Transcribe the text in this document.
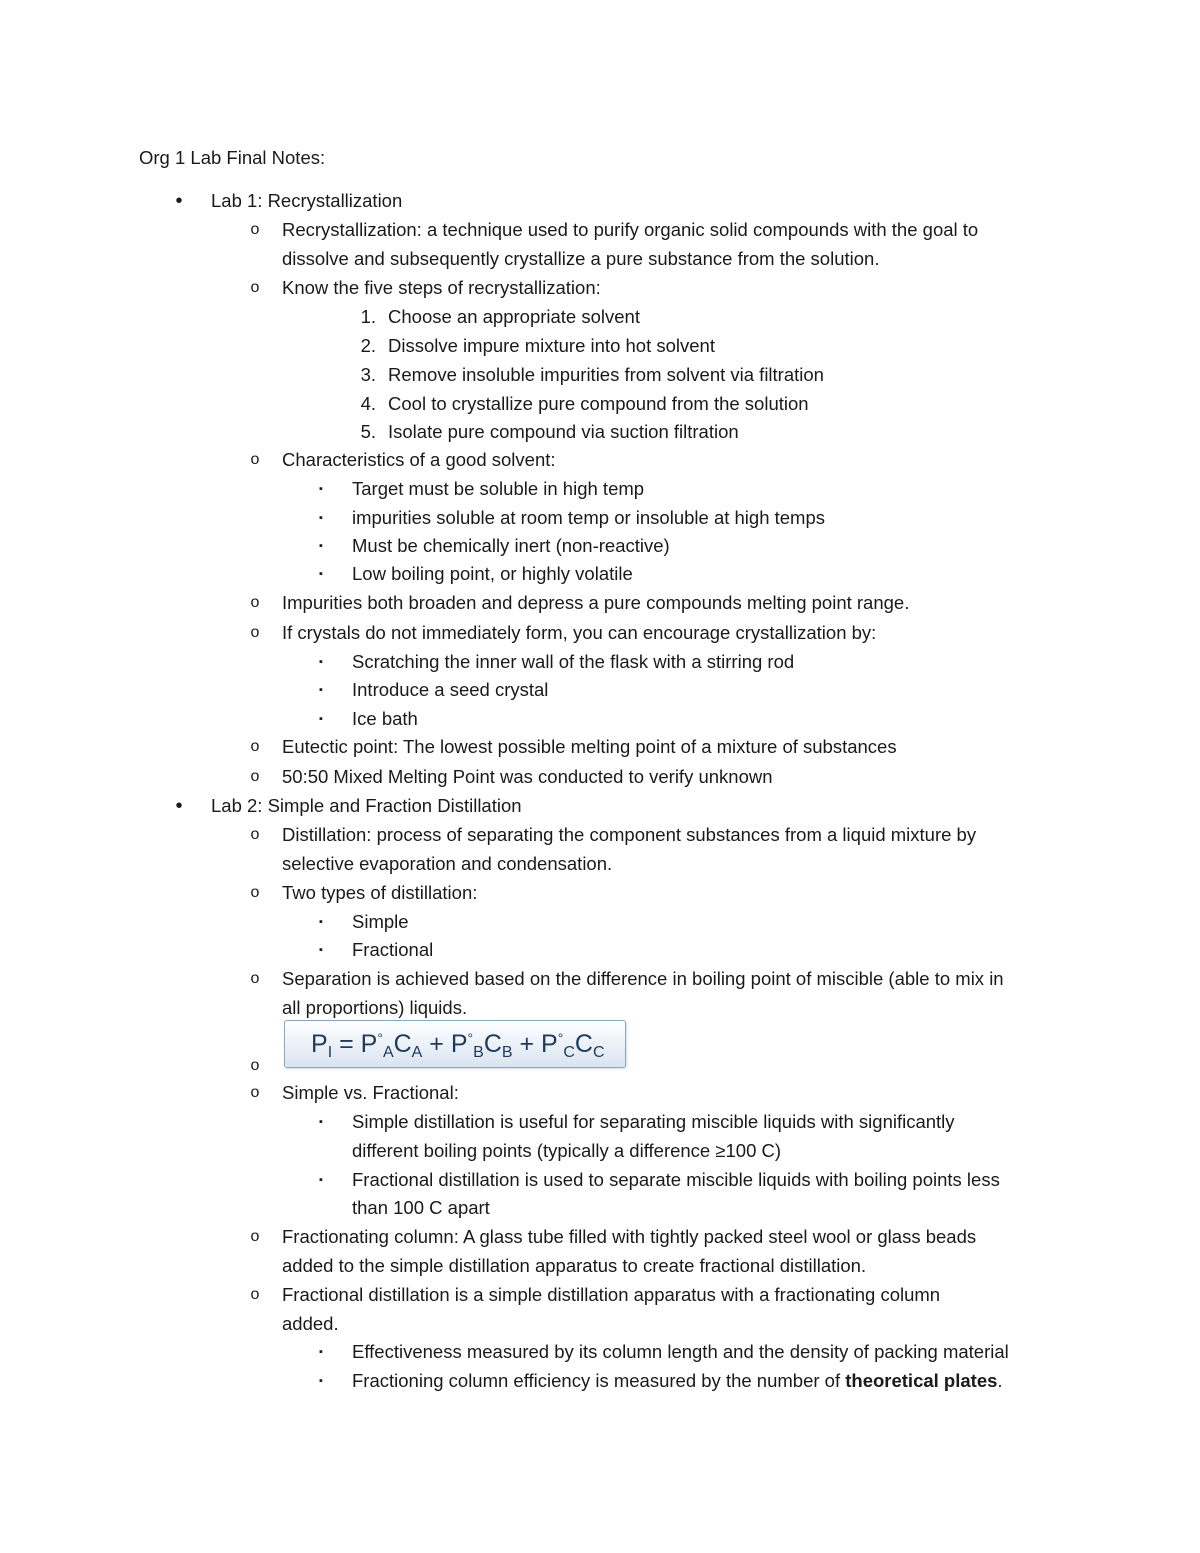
Org 1 Lab Final Notes:
• Lab 1: Recrystallization
o Recrystallization: a technique used to purify organic solid compounds with the goal to
dissolve and subsequently crystallize a pure substance from the solution.
o Know the five steps of recrystallization:
1. Choose an appropriate solvent
2. Dissolve impure mixture into hot solvent
3. Remove insoluble impurities from solvent via filtration
4. Cool to crystallize pure compound from the solution
5. Isolate pure compound via suction filtration
o Characteristics of a good solvent:
▪ Target must be soluble in high temp
▪ impurities soluble at room temp or insoluble at high temps
▪ Must be chemically inert (non-reactive)
▪ Low boiling point, or highly volatile
o Impurities both broaden and depress a pure compounds melting point range.
o If crystals do not immediately form, you can encourage crystallization by:
▪ Scratching the inner wall of the flask with a stirring rod
▪ Introduce a seed crystal
▪ Ice bath
o Eutectic point: The lowest possible melting point of a mixture of substances
o 50:50 Mixed Melting Point was conducted to verify unknown
• Lab 2: Simple and Fraction Distillation
o Distillation: process of separating the component substances from a liquid mixture by
selective evaporation and condensation.
o Two types of distillation:
▪ Simple
▪ Fractional
o Separation is achieved based on the difference in boiling point of miscible (able to mix in
all proportions) liquids.
o
$P_I = P^\circ_AC_A + P^\circ_BC_B + P^\circ_CC_C$
o Simple vs. Fractional:
▪ Simple distillation is useful for separating miscible liquids with significantly
different boiling points (typically a difference ≥100 C)
▪ Fractional distillation is used to separate miscible liquids with boiling points less
than 100 C apart
o Fractionating column: A glass tube filled with tightly packed steel wool or glass beads
added to the simple distillation apparatus to create fractional distillation.
o Fractional distillation is a simple distillation apparatus with a fractionating column
added.
▪ Effectiveness measured by its column length and the density of packing material
▪ Fractioning column efficiency is measured by the number of theoretical plates.
